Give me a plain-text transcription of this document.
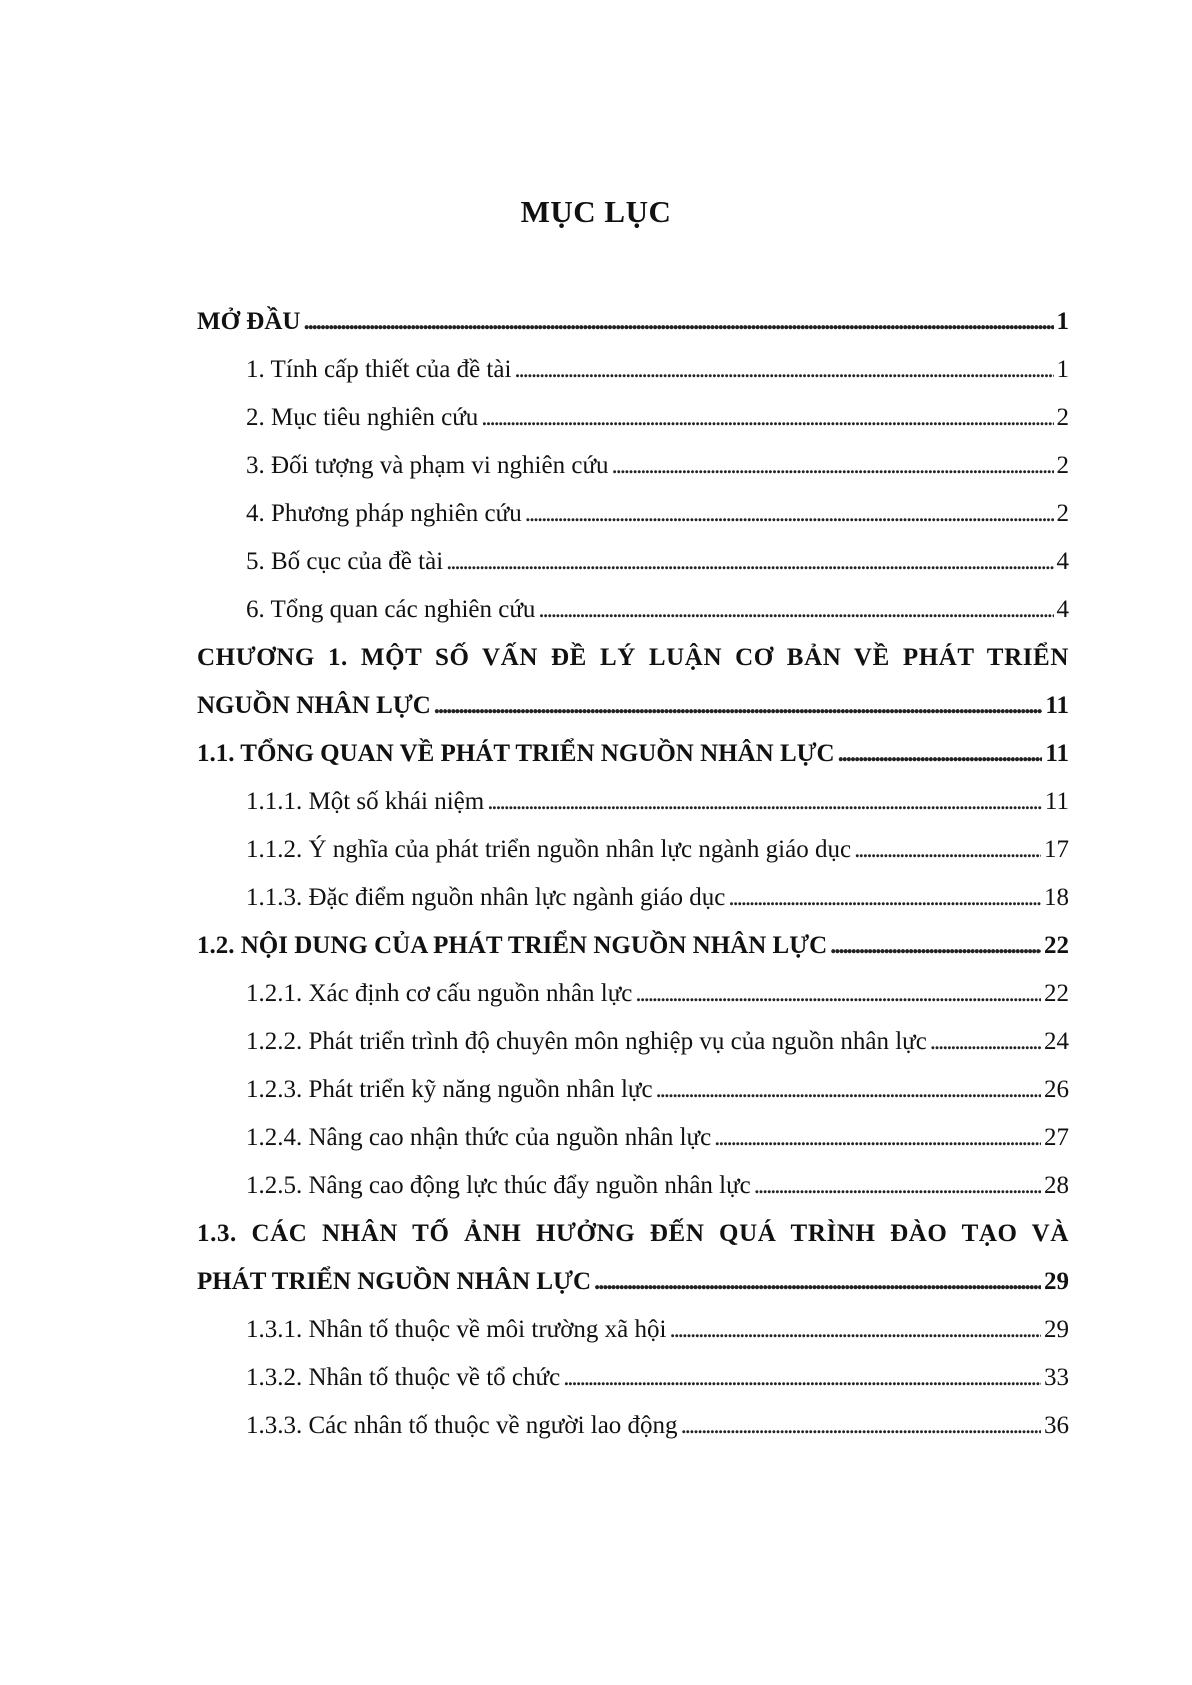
MỤC LỤC
MỞ ĐẦU . . .	1
1. Tính cấp thiết của đề tài . . .	1
2. Mục tiêu nghiên cứu . . .	2
3. Đối tượng và phạm vi nghiên cứu . . .	2
4. Phương pháp nghiên cứu . . .	2
5. Bố cục của đề tài . . .	4
6. Tổng quan các nghiên cứu . . .	4
CHƯƠNG 1. MỘT SỐ VẤN ĐỀ LÝ LUẬN CƠ BẢN VỀ PHÁT TRIỂN
NGUỒN NHÂN LỰC . . .	11
1.1. TỔNG QUAN VỀ PHÁT TRIỂN NGUỒN NHÂN LỰC . . .	11
1.1.1. Một số khái niệm . . .	11
1.1.2. Ý nghĩa của phát triển nguồn nhân lực ngành giáo dục . . .	17
1.1.3. Đặc điểm nguồn nhân lực ngành giáo dục . . .	18
1.2. NỘI DUNG CỦA PHÁT TRIỂN NGUỒN NHÂN LỰC . . .	22
1.2.1. Xác định cơ cấu nguồn nhân lực . . .	22
1.2.2. Phát triển trình độ chuyên môn nghiệp vụ của nguồn nhân lực . . .	24
1.2.3. Phát triển kỹ năng nguồn nhân lực . . .	26
1.2.4. Nâng cao nhận thức của nguồn nhân lực . . .	27
1.2.5. Nâng cao động lực thúc đẩy nguồn nhân lực . . .	28
1.3. CÁC NHÂN TỐ ẢNH HƯỞNG ĐẾN QUÁ TRÌNH ĐÀO TẠO VÀ
PHÁT TRIỂN NGUỒN NHÂN LỰC . . .	29
1.3.1. Nhân tố thuộc về môi trường xã hội . . .	29
1.3.2. Nhân tố thuộc về tổ chức . . .	33
1.3.3. Các nhân tố thuộc về người lao động . . .	36
